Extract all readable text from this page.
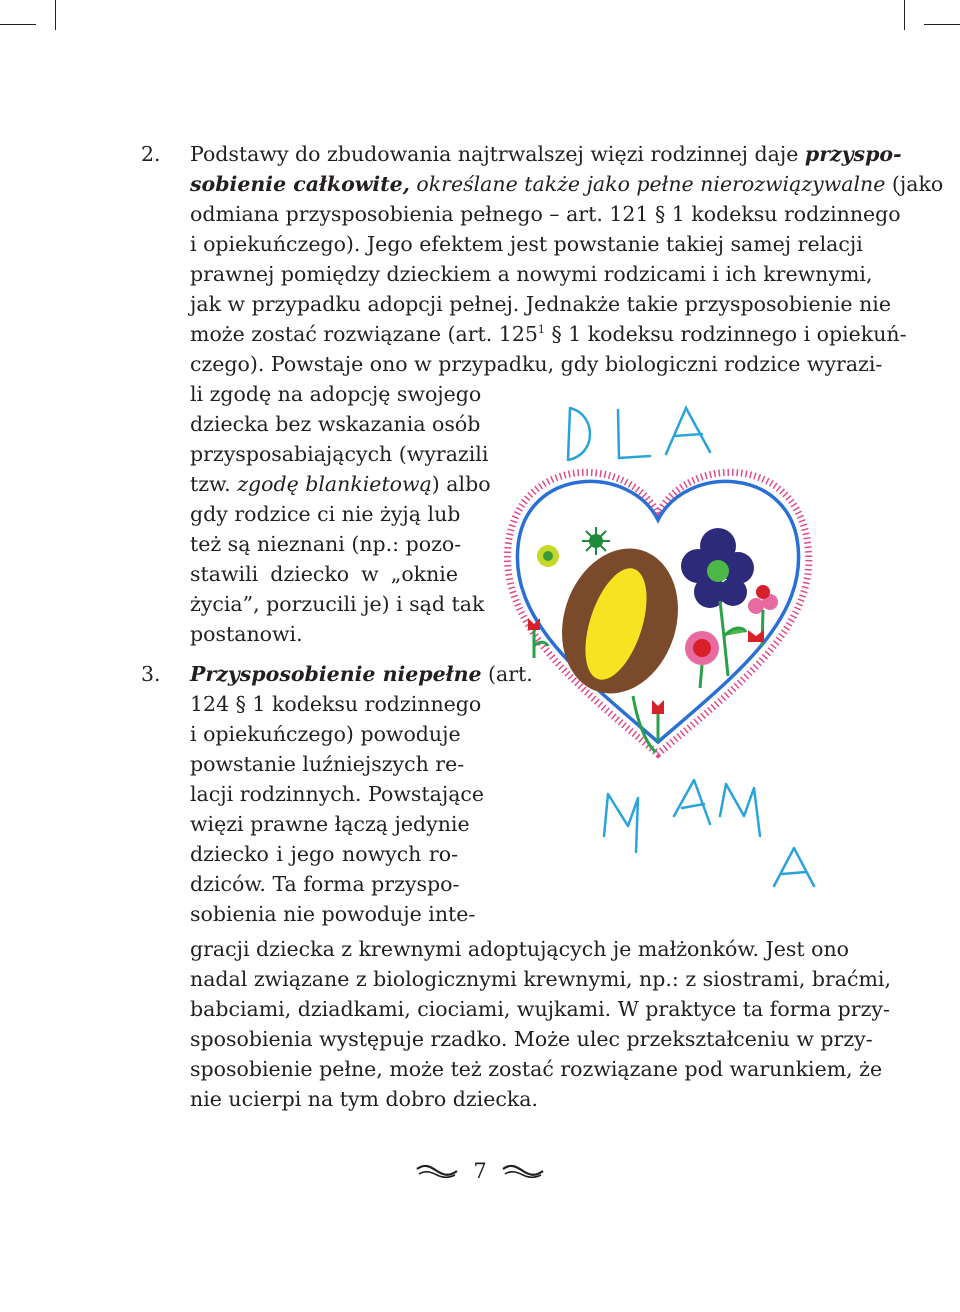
2. Podstawy do zbudowania najtrwalszej więzi rodzinnej daje przyspo-
sobienie całkowite, określane także jako pełne nierozwiązywalne (jako
odmiana przysposobienia pełnego – art. 121 § 1 kodeksu rodzinnego
i opiekuńczego). Jego efektem jest powstanie takiej samej relacji
prawnej pomiędzy dzieckiem a nowymi rodzicami i ich krewnymi,
jak w przypadku adopcji pełnej. Jednakże takie przysposobienie nie
może zostać rozwiązane (art. $125^1$ § 1 kodeksu rodzinnego i opiekuń-
czego). Powstaje ono w przypadku, gdy biologiczni rodzice wyrazi-
li zgodę na adopcję swojego
dziecka bez wskazania osób
przysposabiających (wyrazili
tzw. zgodę blankietową) albo
gdy rodzice ci nie żyją lub
też są nieznani (np.: pozo-
stawili dziecko w „oknie
życia”, porzucili je) i sąd tak
postanowi.
3. Przysposobienie niepełne (art.
124 § 1 kodeksu rodzinnego
i opiekuńczego) powoduje
powstanie luźniejszych re-
lacji rodzinnych. Powstające
więzi prawne łączą jedynie
dziecko i jego nowych ro-
dziców. Ta forma przyspo-
sobienia nie powoduje inte-
gracji dziecka z krewnymi adoptujących je małżonków. Jest ono
nadal związane z biologicznymi krewnymi, np.: z siostrami, braćmi,
babciami, dziadkami, ciociami, wujkami. W praktyce ta forma przy-
sposobienia występuje rzadko. Może ulec przekształceniu w przy-
sposobienie pełne, może też zostać rozwiązane pod warunkiem, że
nie ucierpi na tym dobro dziecka.
7
